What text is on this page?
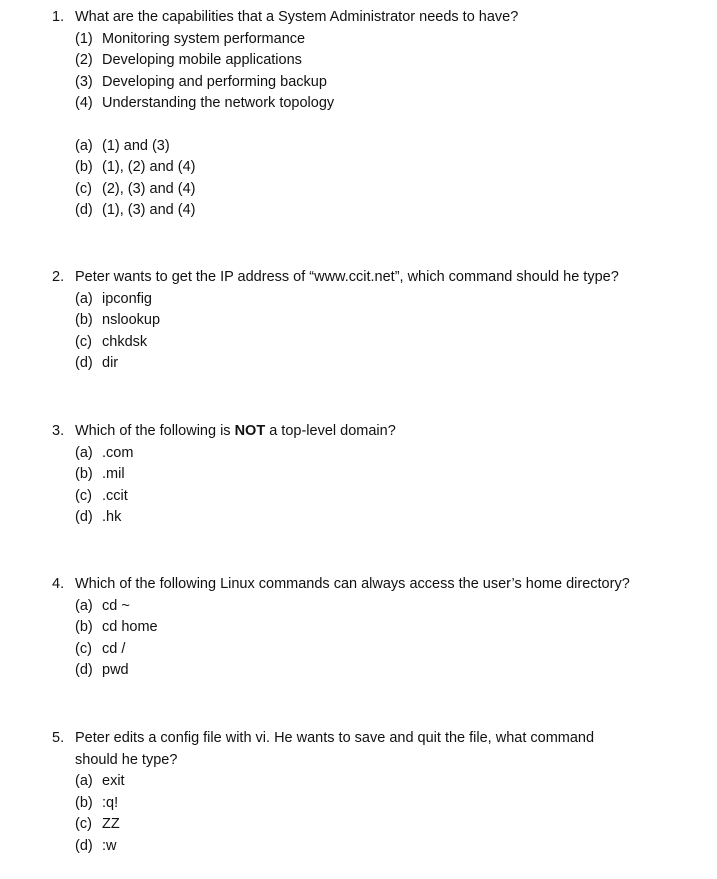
1. What are the capabilities that a System Administrator needs to have?
(1) Monitoring system performance
(2) Developing mobile applications
(3) Developing and performing backup
(4) Understanding the network topology
(a) (1) and (3)
(b) (1), (2) and (4)
(c) (2), (3) and (4)
(d) (1), (3) and (4)
2. Peter wants to get the IP address of “www.ccit.net”, which command should he type?
(a) ipconfig
(b) nslookup
(c) chkdsk
(d) dir
3. Which of the following is NOT a top-level domain?
(a) .com
(b) .mil
(c) .ccit
(d) .hk
4. Which of the following Linux commands can always access the user’s home directory?
(a) cd ~
(b) cd home
(c) cd /
(d) pwd
5. Peter edits a config file with vi. He wants to save and quit the file, what command
should he type?
(a) exit
(b) :q!
(c) ZZ
(d) :w
